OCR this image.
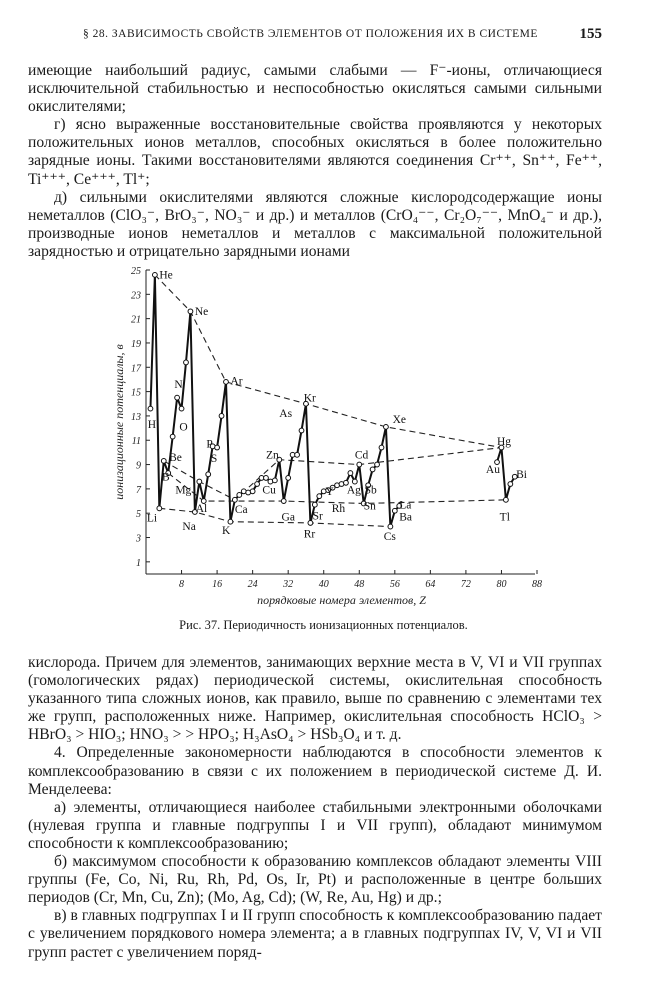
§ 28. ЗАВИСИМОСТЬ СВОЙСТВ ЭЛЕМЕНТОВ ОТ ПОЛОЖЕНИЯ ИХ В СИСТЕМЕ	155

имеющие наибольший радиус, самыми слабыми — F⁻-ионы, отличающиеся исключительной стабильностью и неспособностью окисляться самыми сильными окислителями;

г) ясно выраженные восстановительные свойства проявляются у некоторых положительных ионов металлов, способных окисляться в более положительно зарядные ионы. Такими восстановителями являются соединения Cr⁺⁺, Sn⁺⁺, Fe⁺⁺, Ti⁺⁺⁺, Ce⁺⁺⁺, Tl⁺;

д) сильными окислителями являются сложные кислородсодержащие ионы неметаллов (ClO₃⁻, BrO₃⁻, NO₃⁻ и др.) и металлов (CrO₄⁻⁻, Cr₂O₇⁻⁻, MnO₄⁻ и др.), производные ионов неметаллов и металлов с максимальной положительной зарядностью и отрицательно зарядными ионами

8	16	24	32	40	48	56	64	72	80	88
1
3
5
7
9
11
13
15
17
19
21
23
25
порядковые номера элементов, Z
ионизационные потенциалы, в
He
Ne
Ar
Kr
Xe
Hg
N
O
H
Be
B
Mg
Al
P
S
Li
Na K
Ca
Cu
Zn
As
Ga
Y
Rr
Sr
Rh
Ag
Cd
Sb
Sn La
Ba
Cs
Au Bi
Tl
Рис. 37. Периодичность ионизационных потенциалов.

кислорода. Причем для элементов, занимающих верхние места в V, VI и VII группах (гомологических рядах) периодической системы, окислительная способность указанного типа сложных ионов, как правило, выше по сравнению с элементами тех же групп, расположенных ниже. Например, окислительная способность HClO₃ > HBrO₃ > HIO₃; HNO₃ > > HPO₃; H₃AsO₄ > HSb₃O₄ и т. д.

4. Определенные закономерности наблюдаются в способности элементов к комплексообразованию в связи с их положением в периодической системе Д. И. Менделеева:

а) элементы, отличающиеся наиболее стабильными электронными оболочками (нулевая группа и главные подгруппы I и VII групп), обладают минимумом способности к комплексообразованию;

б) максимумом способности к образованию комплексов обладают элементы VIII группы (Fe, Co, Ni, Ru, Rh, Pd, Os, Ir, Pt) и расположенные в центре больших периодов (Cr, Mn, Cu, Zn); (Mo, Ag, Cd); (W, Re, Au, Hg) и др.;

в) в главных подгруппах I и II групп способность к комплексообразованию падает с увеличением порядкового номера элемента; а в главных подгруппах IV, V, VI и VII групп растет с увеличением поряд-
